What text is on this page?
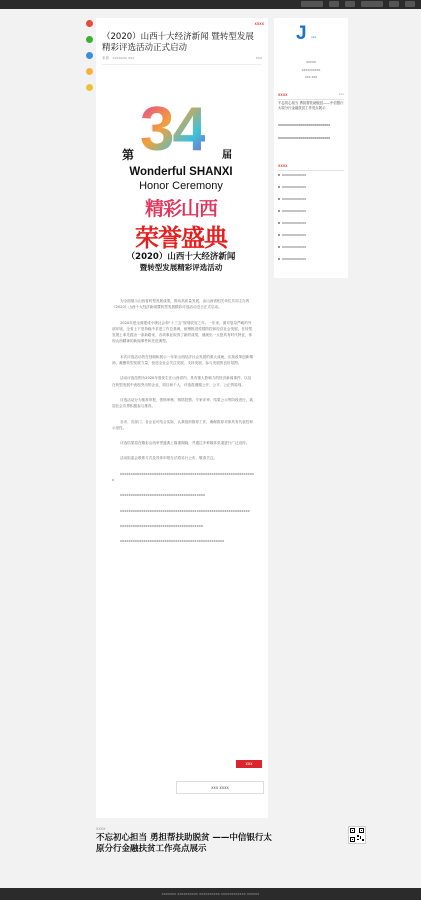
xxxx
（2020）山西十大经济新闻 暨转型发展精彩评选活动正式启动
来源：xxxxxxx xxx	xxx
34
第	届
Wonderful SHANXI
Honor Ceremony
精彩山西
荣誉盛典
（2020）山西十大经济新闻
暨转型发展精彩评选活动

为全面展示山西省转型发展成果，推动高质量发展，由山西省相关单位共同主办的（2020）山西十大经济新闻暨转型发展精彩评选活动近日正式启动。

2020年是全面建成小康社会和“十三五”规划收官之年。一年来，面对复杂严峻的外部环境，全省上下坚持稳中求进工作总基调，统筹推进疫情防控和经济社会发展，在转型发展上率先蹚出一条新路来，各项事业取得了新的成绩，涌现出一大批具有时代特征、体现山西精神的新闻事件和先进典型。

本次评选活动旨在回顾和展示一年来山西经济社会发展的重大成就，弘扬改革创新精神，凝聚转型发展力量，营造全社会关注发展、支持发展、参与发展的良好氛围。

活动评选范围为2020年度发生在山西省内、具有重大影响力的经济新闻事件，以及在转型发展中表现突出的企业、项目和个人，评选将遵循公开、公平、公正的原则。

评选活动分为推荐申报、资格审核、网络投票、专家评审、结果公示等阶段进行，欢迎社会各界积极参与推荐。

各市、各部门、各企业可结合实际，认真组织推荐工作，确保推荐对象具有代表性和示范性。

评选结果将在精彩山西荣誉盛典上隆重揭晓，并通过多种媒体渠道进行广泛宣传。

活动组委会联系方式及具体申报办法将另行公布，敬请关注。

xxxxxxxxxxxxxxxxxxxxxxxxxxxxxxxxxxxxxxxxxxxxxxxxxxxxxxxxxxxxxxxx

xxxxxxxxxxxxxxxxxxxxxxxxxxxxxxxxxxxxxxxx

xxxxxxxxxxxxxxxxxxxxxxxxxxxxxxxxxxxxxxxxxxxxxxxxxxxxxxxxxxxxx

xxxxxxxxxxxxxxxxxxxxxxxxxxxxxxxxxxxxxxx

xxxxxxxxxxxxxxxxxxxxxxxxxxxxxxxxxxxxxxxxxxxxxxxxx

xxx
xxx xxxx
xxxx
不忘初心担当 勇担帮扶助脱贫 ——中信银行太原分行金融扶贫工作亮点展示
J xxx
xxxxx
xxxxxxxxxx
xxx xxx
xxxx	xxx
不忘初心担当 勇担帮扶助脱贫——中信银行太原分行金融扶贫工作亮点展示
xxxxxxxxxxxxxxxxxxxxxxxxxx
xxxxxxxxxxxxxxxxxxxxxxxxxx
xxxx
xxxxxxxxxxxx
xxxxxxxxxxxx
xxxxxxxxxxxx
xxxxxxxxxxxx
xxxxxxxxxxxx
xxxxxxxxxxxx
xxxxxxxxxxxx
xxxxxxxxxxxx
xxxxxxx xxxxxxxxxx xxxxxxxxxx xxxxxxxxxxxx xxxxxx
